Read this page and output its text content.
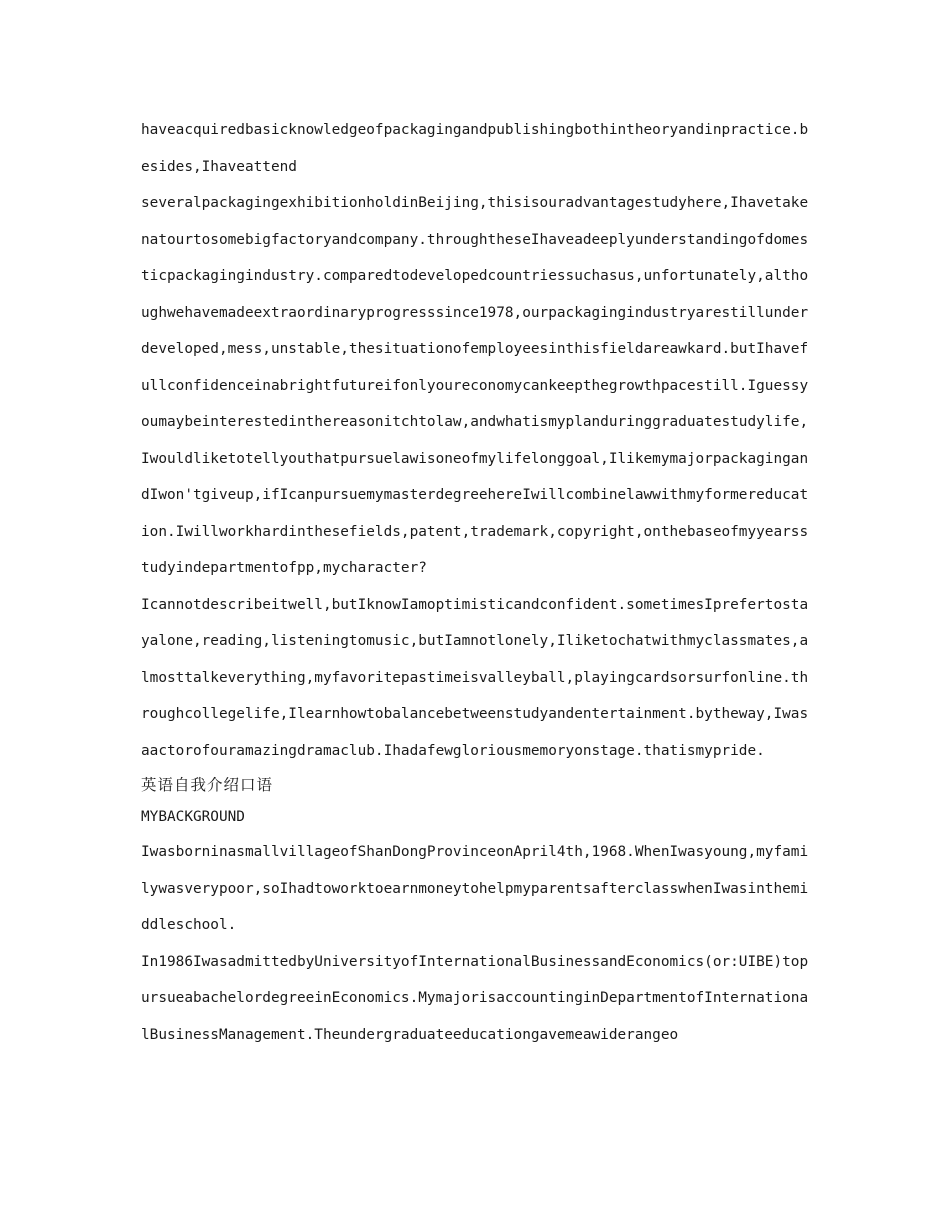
haveacquiredbasicknowledgeofpackagingandpublishingbothintheoryandinpractice.besides,Ihaveattend

severalpackagingexhibitionholdinBeijing,thisisouradvantagestudyhere,Ihavetakenatourtosomebigfactoryandcompany.throughtheseIhaveadeeplyunderstandingofdomesticpackagingindustry.comparedtodevelopedcountriessuchasus,unfortunately,althoughwehavemadeextraordinaryprogresssince1978,ourpackagingindustryarestillunderdeveloped,mess,unstable,thesituationofemployeesinthisfieldareawkard.butIhavefullconfidenceinabrightfutureifonlyoureconomycankeepthegrowthpacestill.Iguessyoumaybeinterestedinthereasonitchtolaw,andwhatismyplanduringgraduatestudylife,Iwouldliketotellyouthatpursuelawisoneofmylifelonggoal,IlikemymajorpackagingandIwon'tgiveup,ifIcanpursuemymasterdegreehereIwillcombinelawwithmyformereducation.Iwillworkhardinthesefields,patent,trademark,copyright,onthebaseofmyyearsstudyindepartmentofpp,mycharacter?

Icannotdescribeitwell,butIknowIamoptimisticandconfident.sometimesIprefertostayalone,reading,listeningtomusic,butIamnotlonely,Iliketochatwithmyclassmates,almosttalkeverything,myfavoritepastimeisvalleyball,playingcardsorsurfonline.throughcollegelife,Ilearnhowtobalancebetweenstudyandentertainment.bytheway,Iwasaactorofouramazingdramaclub.Ihadafewgloriousmemoryonstage.thatismypride.

英语自我介绍口语

MYBACKGROUND

IwasborninasmallvillageofShanDongProvinceonApril4th,1968.WhenIwasyoung,myfamilywasverypoor,soIhadtoworktoearnmoneytohelpmyparentsafterclasswhenIwasinthemiddleschool.

In1986IwasadmittedbyUniversityofInternationalBusinessandEconomics(or:UIBE)topursueabachelordegreeinEconomics.MymajorisaccountinginDepartmentofInternationalBusinessManagement.Theundergraduateeducationgavemeawiderangeo
